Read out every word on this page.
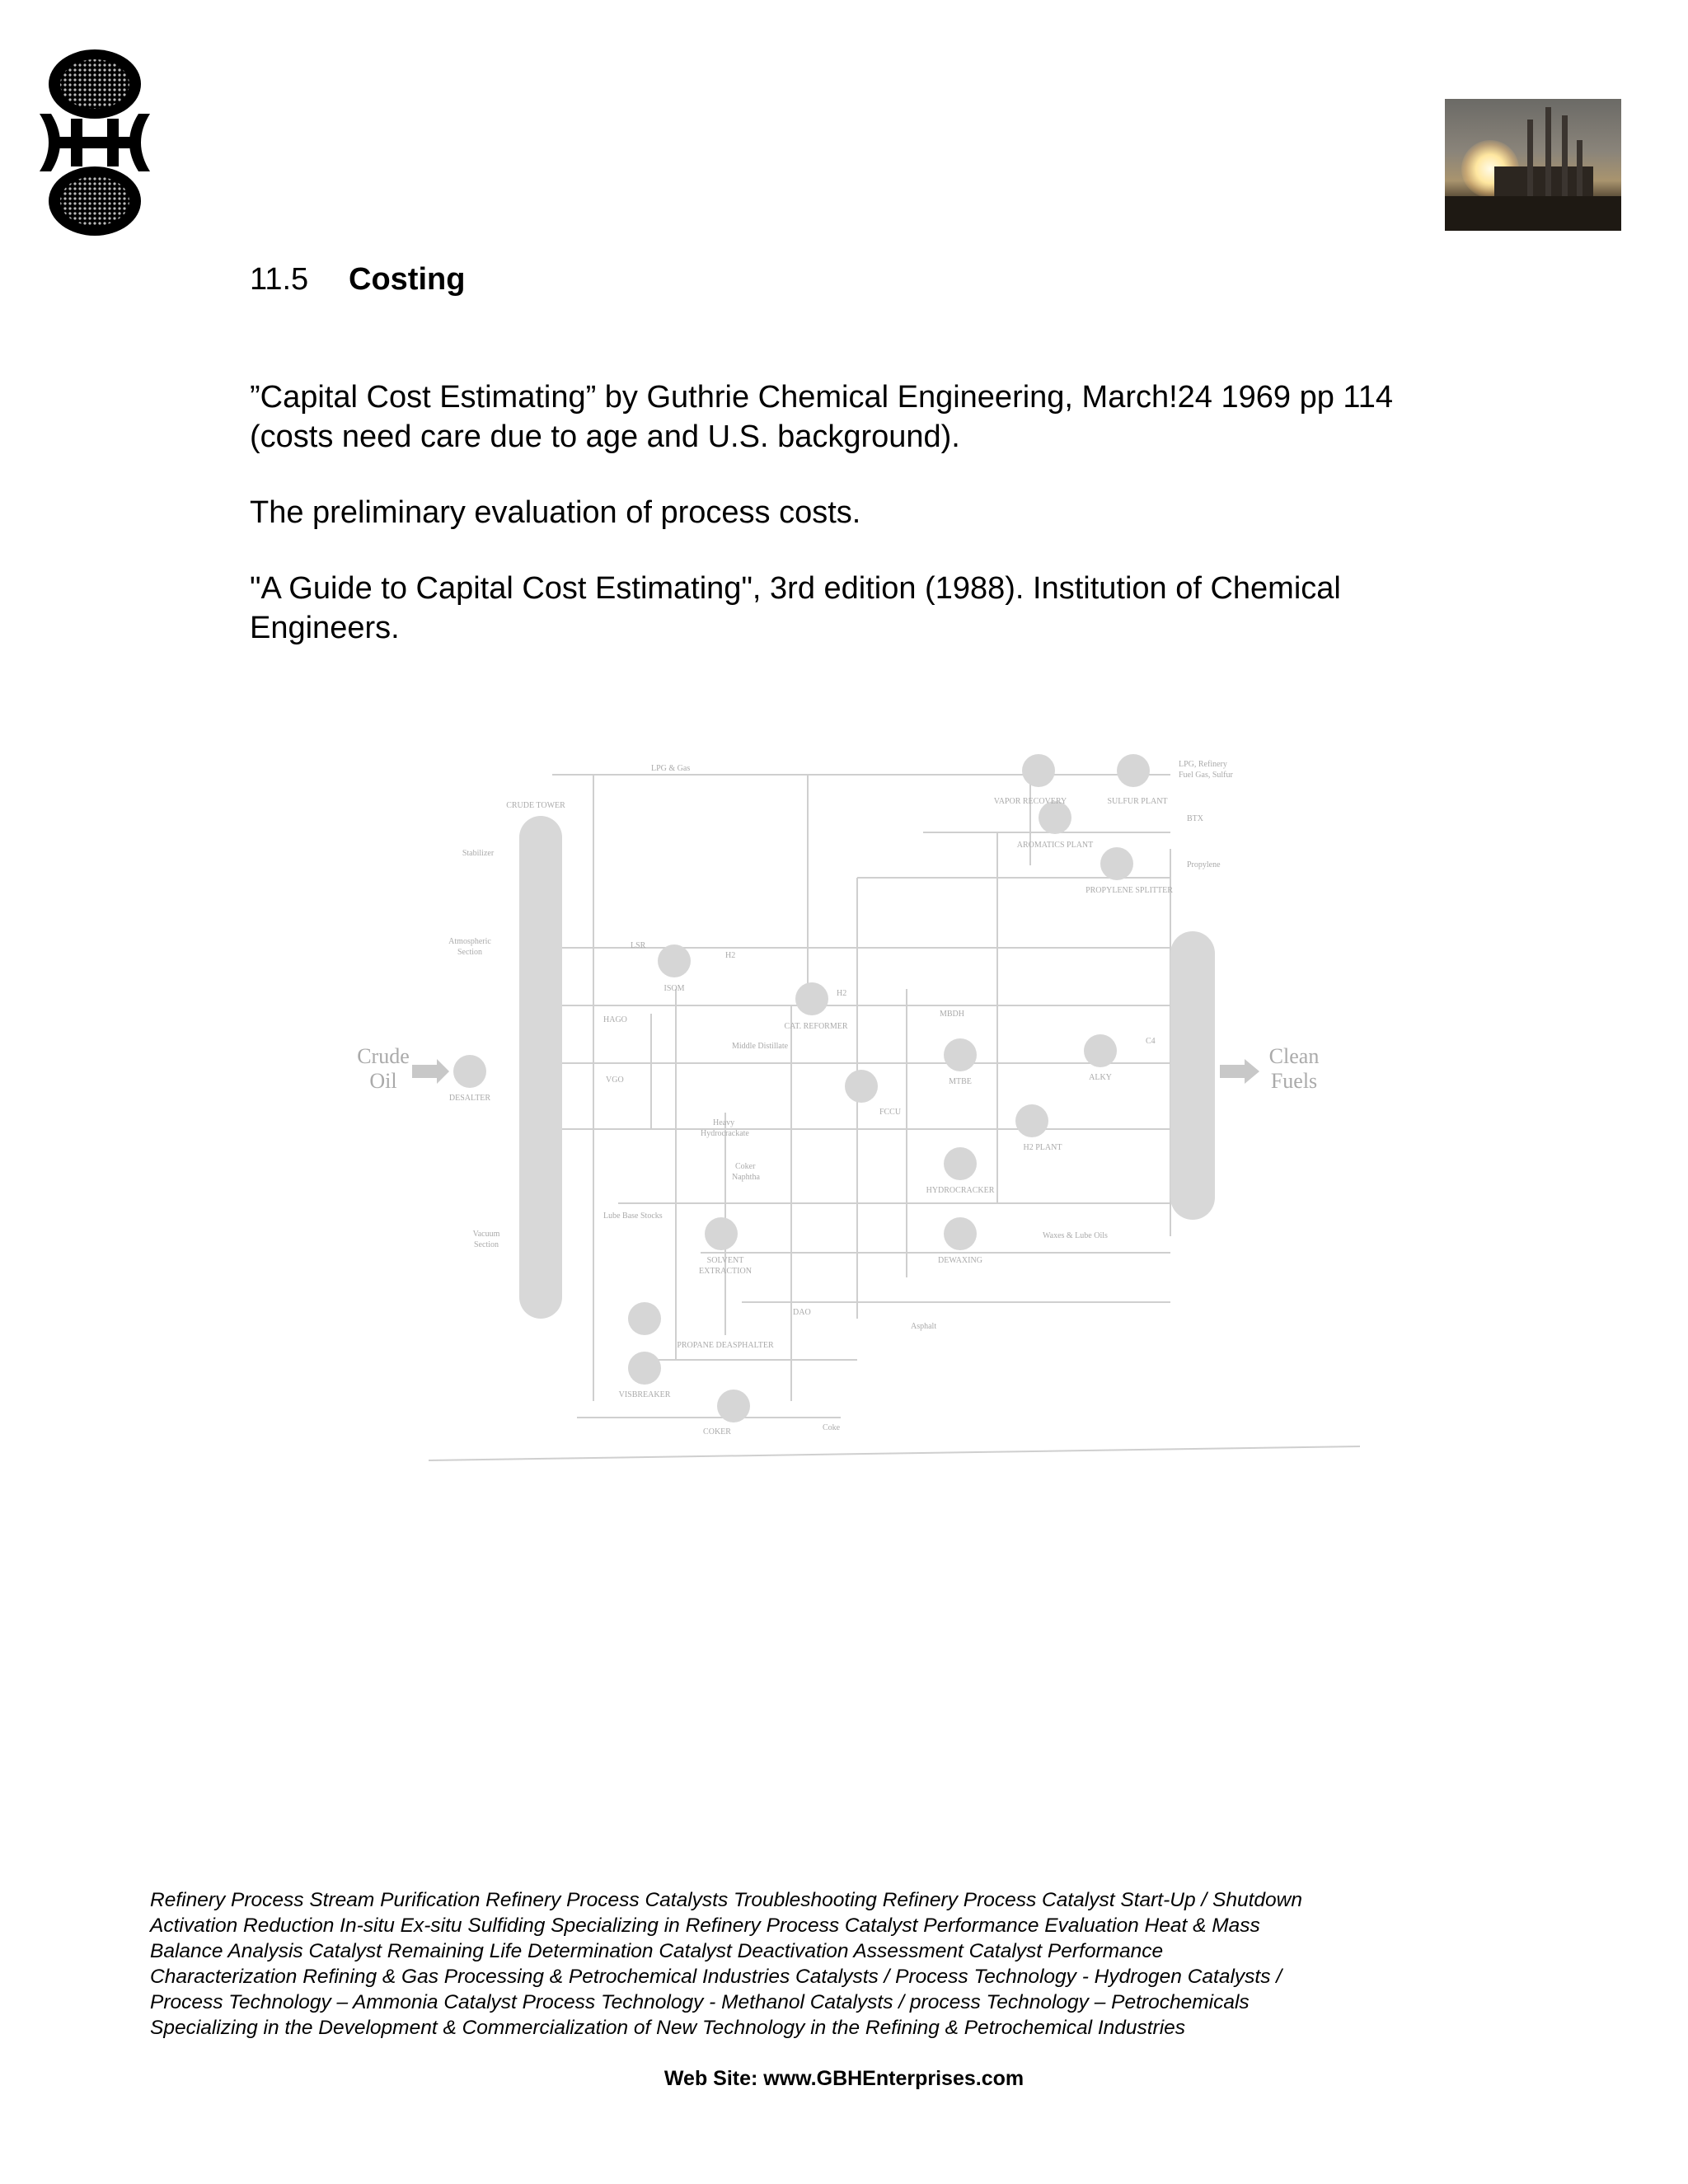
11.5 Costing
”Capital Cost Estimating” by Guthrie Chemical Engineering, March!24 1969 pp 114 (costs need care due to age and U.S. background).
The preliminary evaluation of process costs.
"A Guide to Capital Cost Estimating", 3rd edition (1988). Institution of Chemical Engineers.
Crude
Oil
Clean
Fuels
CRUDE TOWER
Stabilizer
Atmospheric
Section
Vacuum
Section
DESALTER
ISOM
CAT. REFORMER
FCCU
MTBE	ALKY
H2 PLANT
HYDROCRACKER
DEWAXING
SOLVENT
EXTRACTION
PROPANE DEASPHALTER
VISBREAKER
COKER
VAPOR RECOVERY	SULFUR PLANT
AROMATICS PLANT
PROPYLENE SPLITTER
LPG & Gas	LPG, Refinery
Fuel Gas, Sulfur
BTX
Propylene
LSR
H2
H2
HAGO
VGO
Middle Distillate
MBDH
C4
Heavy
Hydrocrackate
Coker
Naphtha
Lube Base Stocks
Waxes & Lube Oils
DAO
Asphalt
Coke
Refinery Process Stream Purification Refinery Process Catalysts Troubleshooting Refinery Process Catalyst Start-Up / Shutdown
Activation Reduction In-situ Ex-situ Sulfiding Specializing in Refinery Process Catalyst Performance Evaluation Heat & Mass
Balance Analysis Catalyst Remaining Life Determination Catalyst Deactivation Assessment Catalyst Performance
Characterization Refining & Gas Processing & Petrochemical Industries Catalysts / Process Technology - Hydrogen Catalysts /
Process Technology – Ammonia Catalyst Process Technology - Methanol Catalysts / process Technology – Petrochemicals
Specializing in the Development & Commercialization of New Technology in the Refining & Petrochemical Industries
Web Site: www.GBHEnterprises.com
